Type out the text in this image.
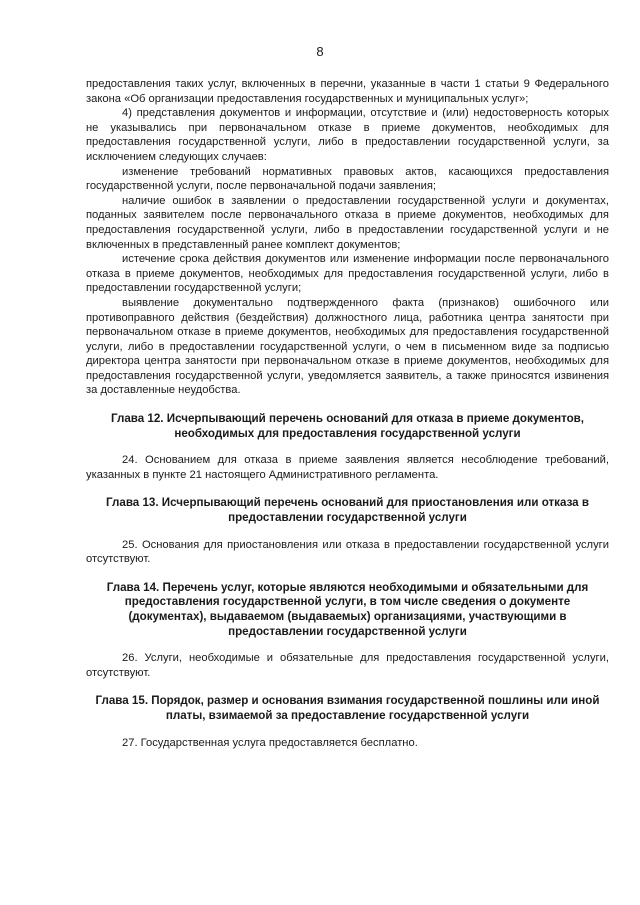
8

предоставления таких услуг, включенных в перечни, указанные в части 1 статьи 9 Федерального закона «Об организации предоставления государственных и муниципальных услуг»;

4) представления документов и информации, отсутствие и (или) недостоверность которых не указывались при первоначальном отказе в приеме документов, необходимых для предоставления государственной услуги, либо в предоставлении государственной услуги, за исключением следующих случаев:

изменение требований нормативных правовых актов, касающихся предоставления государственной услуги, после первоначальной подачи заявления;

наличие ошибок в заявлении о предоставлении государственной услуги и документах, поданных заявителем после первоначального отказа в приеме документов, необходимых для предоставления государственной услуги, либо в предоставлении государственной услуги и не включенных в представленный ранее комплект документов;

истечение срока действия документов или изменение информации после первоначального отказа в приеме документов, необходимых для предоставления государственной услуги, либо в предоставлении государственной услуги;

выявление документально подтвержденного факта (признаков) ошибочного или противоправного действия (бездействия) должностного лица, работника центра занятости при первоначальном отказе в приеме документов, необходимых для предоставления государственной услуги, либо в предоставлении государственной услуги, о чем в письменном виде за подписью директора центра занятости при первоначальном отказе в приеме документов, необходимых для предоставления государственной услуги, уведомляется заявитель, а также приносятся извинения за доставленные неудобства.

Глава 12. Исчерпывающий перечень оснований для отказа в приеме документов, необходимых для предоставления государственной услуги

24. Основанием для отказа в приеме заявления является несоблюдение требований, указанных в пункте 21 настоящего Административного регламента.

Глава 13. Исчерпывающий перечень оснований для приостановления или отказа в предоставлении государственной услуги

25. Основания для приостановления или отказа в предоставлении государственной услуги отсутствуют.

Глава 14. Перечень услуг, которые являются необходимыми и обязательными для предоставления государственной услуги, в том числе сведения о документе (документах), выдаваемом (выдаваемых) организациями, участвующими в предоставлении государственной услуги

26. Услуги, необходимые и обязательные для предоставления государственной услуги, отсутствуют.

Глава 15. Порядок, размер и основания взимания государственной пошлины или иной платы, взимаемой за предоставление государственной услуги

27. Государственная услуга предоставляется бесплатно.
